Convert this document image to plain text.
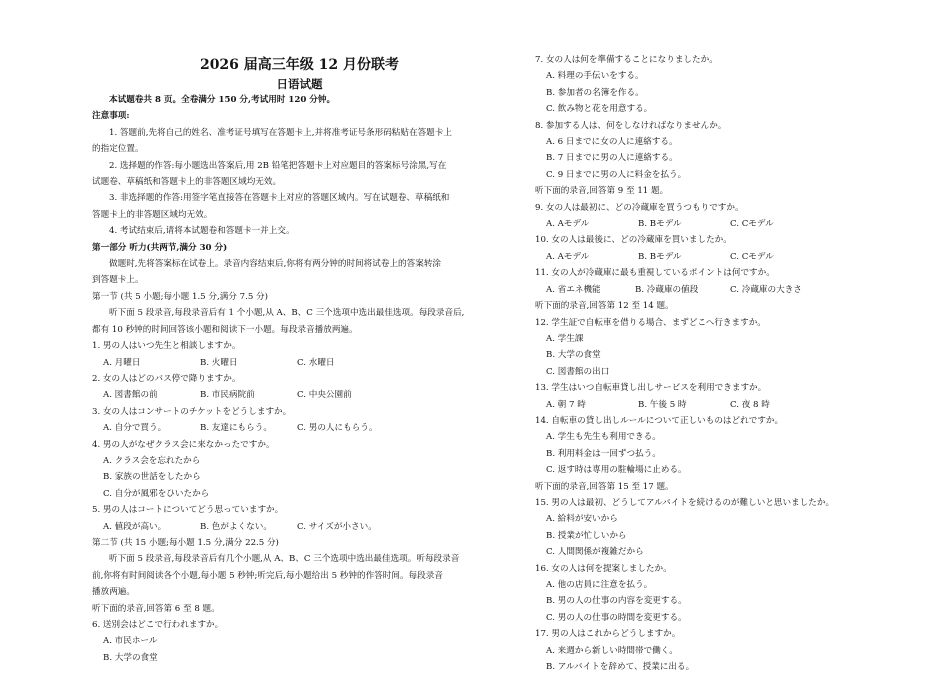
2026 届高三年级 12 月份联考
日语试题
本试题卷共 8 页。全卷满分 150 分,考试用时 120 分钟。
注意事项:
1. 答题前,先将自己的姓名、准考证号填写在答题卡上,并将准考证号条形码粘贴在答题卡上
的指定位置。
2. 选择题的作答:每小题选出答案后,用 2B 铅笔把答题卡上对应题目的答案标号涂黑,写在
试题卷、草稿纸和答题卡上的非答题区域均无效。
3. 非选择题的作答:用签字笔直接答在答题卡上对应的答题区域内。写在试题卷、草稿纸和
答题卡上的非答题区域均无效。
4. 考试结束后,请将本试题卷和答题卡一并上交。
第一部分 听力(共两节,满分 30 分)
做题时,先将答案标在试卷上。录音内容结束后,你将有两分钟的时间将试卷上的答案转涂
到答题卡上。
第一节 (共 5 小题;每小题 1.5 分,满分 7.5 分)
听下面 5 段录音,每段录音后有 1 个小题,从 A、B、C 三个选项中选出最佳选项。每段录音后,
都有 10 秒钟的时间回答该小题和阅读下一小题。每段录音播放两遍。
1. 男の人はいつ先生と相談しますか。
A. 月曜日	B. 火曜日	C. 水曜日
2. 女の人はどのバス停で降りますか。
A. 図書館の前	B. 市民病院前	C. 中央公園前
3. 女の人はコンサートのチケットをどうしますか。
A. 自分で買う。	B. 友達にもらう。	C. 男の人にもらう。
4. 男の人がなぜクラス会に来なかったですか。
A. クラス会を忘れたから
B. 家族の世話をしたから
C. 自分が風邪をひいたから
5. 男の人はコートについてどう思っていますか。
A. 値段が高い。	B. 色がよくない。	C. サイズが小さい。
第二节 (共 15 小题;每小题 1.5 分,满分 22.5 分)
听下面 5 段录音,每段录音后有几个小题,从 A、B、C 三个选项中选出最佳选项。听每段录音
前,你将有时间阅读各个小题,每小题 5 秒钟;听完后,每小题给出 5 秒钟的作答时间。每段录音
播放两遍。
听下面的录音,回答第 6 至 8 题。
6. 送別会はどこで行われますか。
A. 市民ホール
B. 大学の食堂
7. 女の人は何を準備することになりましたか。
A. 料理の手伝いをする。
B. 参加者の名簿を作る。
C. 飲み物と花を用意する。
8. 参加する人は、何をしなければなりませんか。
A. 6 日までに女の人に連絡する。
B. 7 日までに男の人に連絡する。
C. 9 日までに男の人に料金を払う。
听下面的录音,回答第 9 至 11 题。
9. 女の人は最初に、どの冷蔵庫を買うつもりですか。
A. Aモデル	B. Bモデル	C. Cモデル
10. 女の人は最後に、どの冷蔵庫を買いましたか。
A. Aモデル	B. Bモデル	C. Cモデル
11. 女の人が冷蔵庫に最も重視しているポイントは何ですか。
A. 省エネ機能	B. 冷蔵庫の値段	C. 冷蔵庫の大きさ
听下面的录音,回答第 12 至 14 题。
12. 学生証で自転車を借りる場合、まずどこへ行きますか。
A. 学生課
B. 大学の食堂
C. 図書館の出口
13. 学生はいつ自転車貸し出しサービスを利用できますか。
A. 朝 7 時	B. 午後 5 時	C. 夜 8 時
14. 自転車の貸し出しルールについて正しいものはどれですか。
A. 学生も先生も利用できる。
B. 利用料金は一回ずつ払う。
C. 返す時は専用の駐輪場に止める。
听下面的录音,回答第 15 至 17 题。
15. 男の人は最初、どうしてアルバイトを続けるのが難しいと思いましたか。
A. 給料が安いから
B. 授業が忙しいから
C. 人間関係が複雑だから
16. 女の人は何を提案しましたか。
A. 他の店員に注意を払う。
B. 男の人の仕事の内容を変更する。
C. 男の人の仕事の時間を変更する。
17. 男の人はこれからどうしますか。
A. 来週から新しい時間帯で働く。
B. アルバイトを辞めて、授業に出る。
